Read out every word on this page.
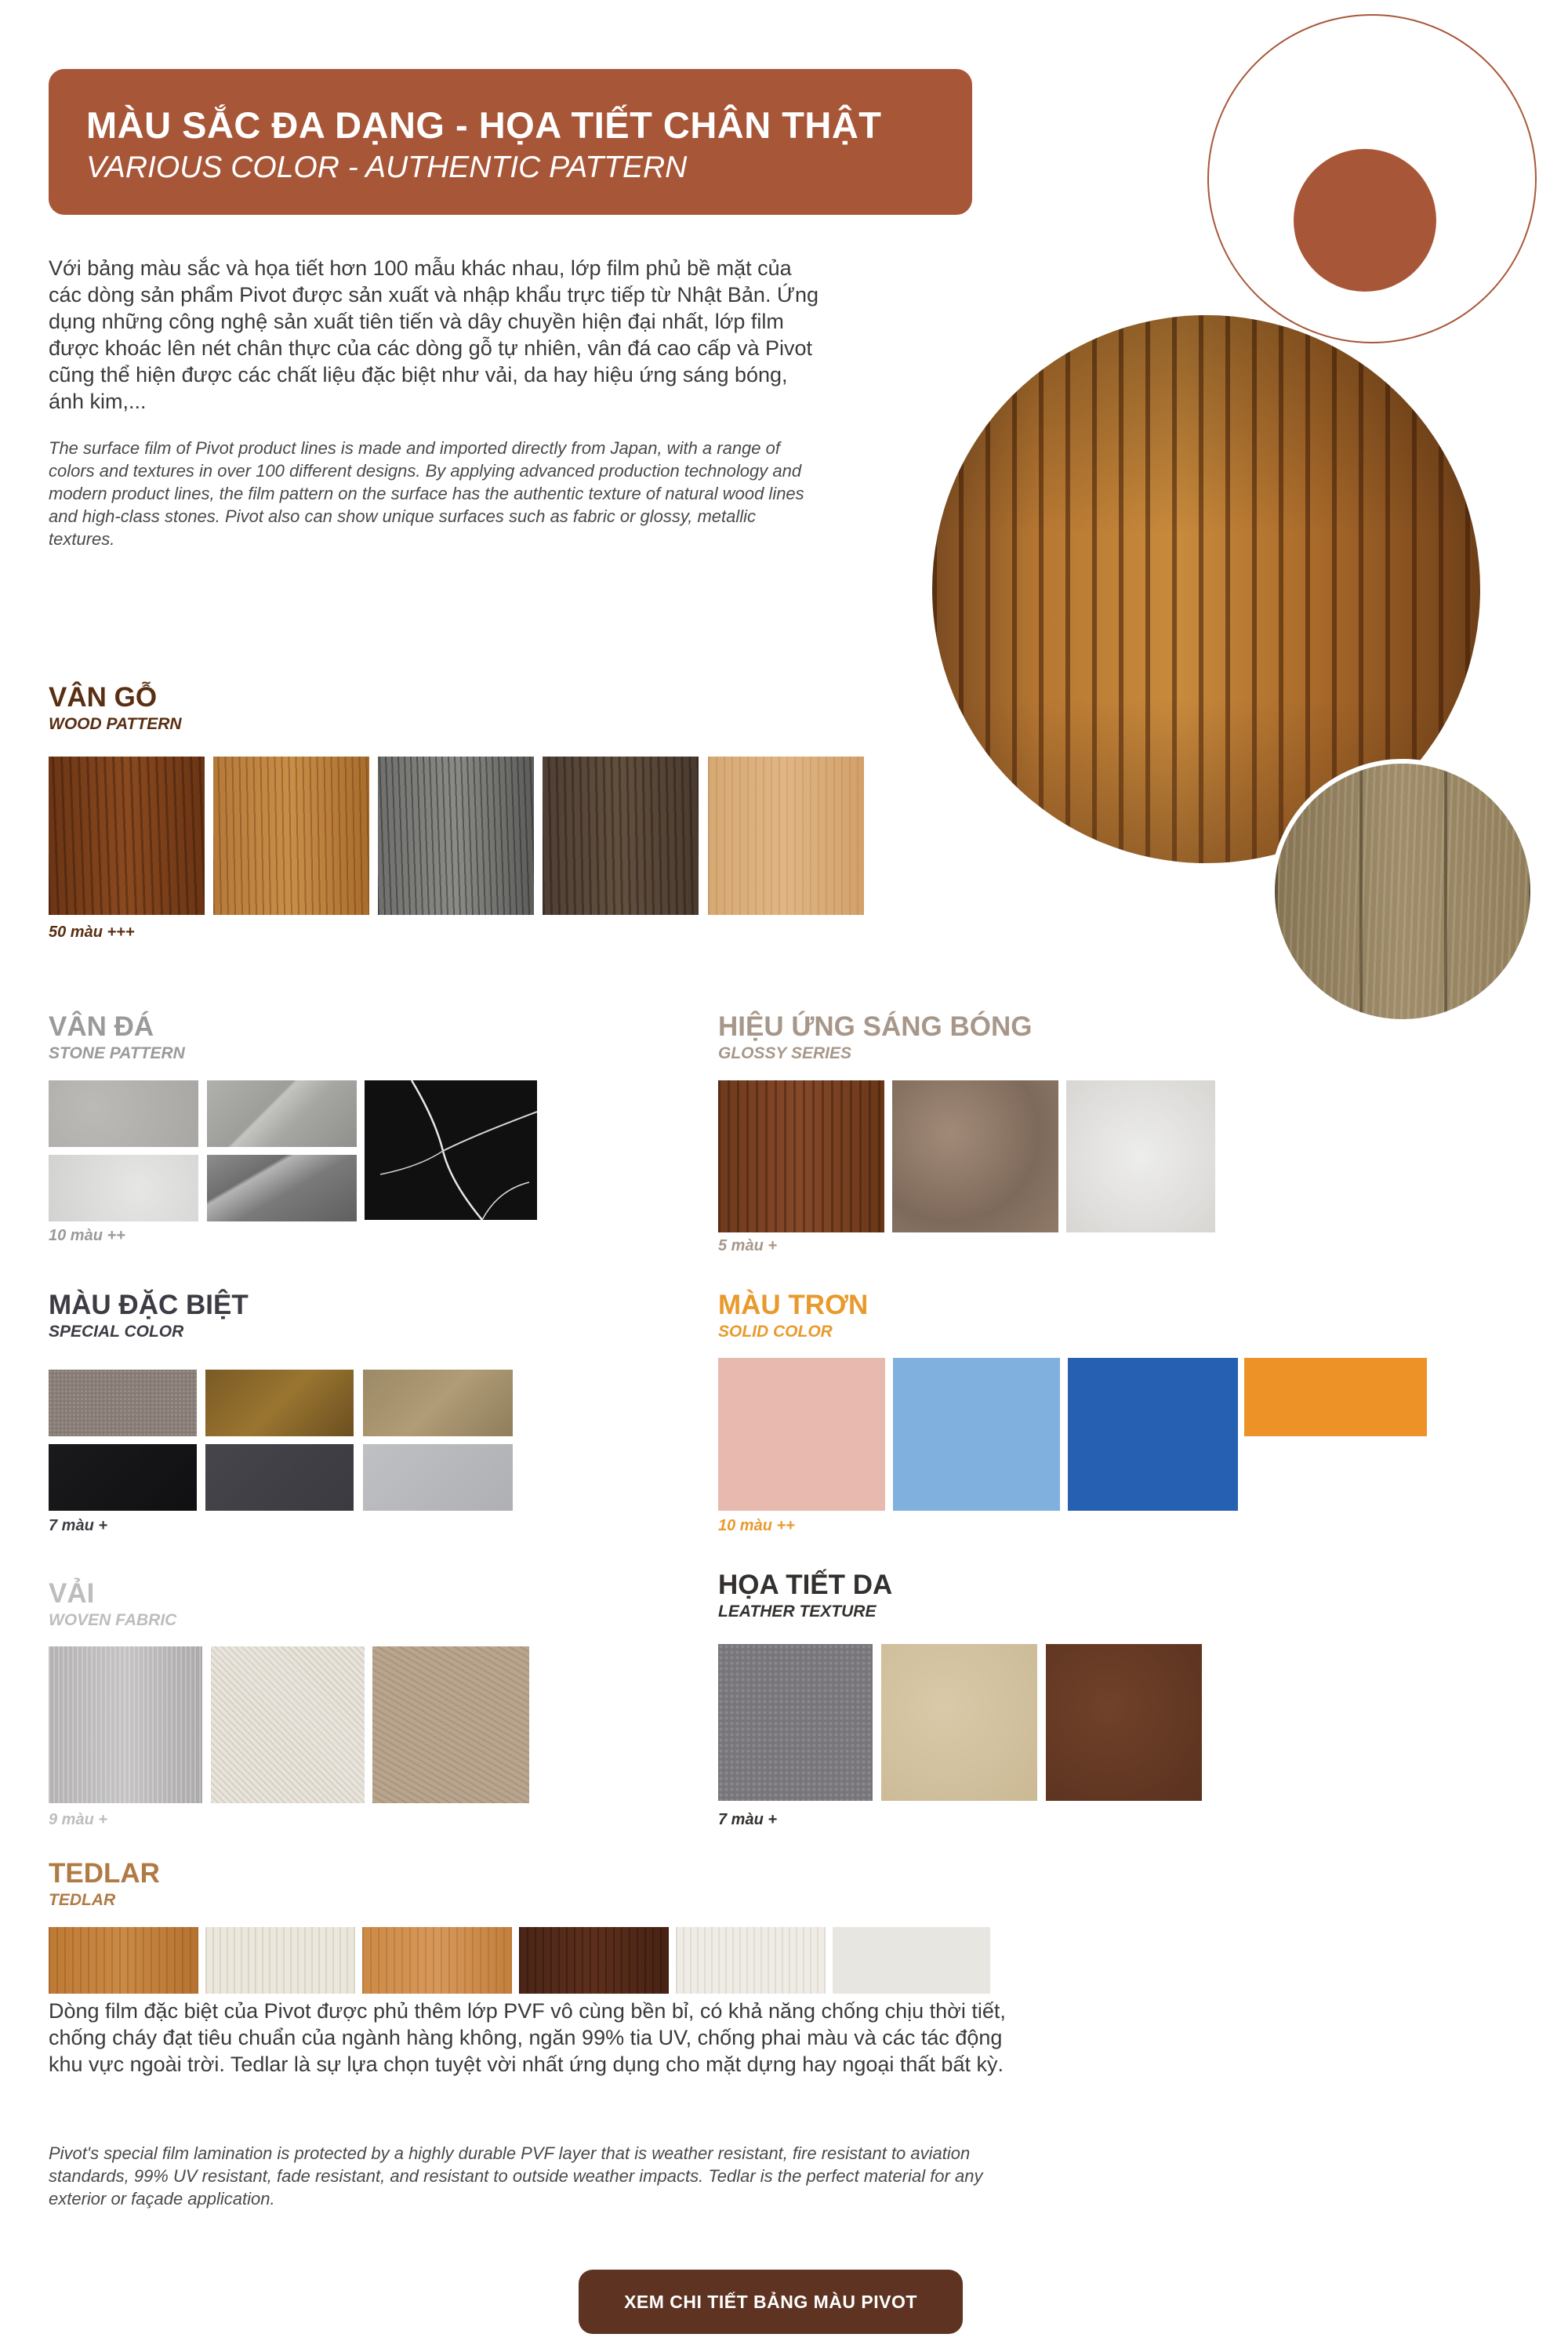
MÀU SẮC ĐA DẠNG - HỌA TIẾT CHÂN THẬT
VARIOUS COLOR - AUTHENTIC PATTERN
Với bảng màu sắc và họa tiết hơn 100 mẫu khác nhau, lớp film phủ bề mặt của các dòng sản phẩm Pivot được sản xuất và nhập khẩu trực tiếp từ Nhật Bản. Ứng dụng những công nghệ sản xuất tiên tiến và dây chuyền hiện đại nhất, lớp film được khoác lên nét chân thực của các dòng gỗ tự nhiên, vân đá cao cấp và Pivot cũng thể hiện được các chất liệu đặc biệt như vải, da hay hiệu ứng sáng bóng, ánh kim,...
The surface film of Pivot product lines is made and imported directly from Japan, with a range of colors and textures in over 100 different designs. By applying advanced production technology and modern product lines, the film pattern on the surface has the authentic texture of natural wood lines and high-class stones. Pivot also can show unique surfaces such as fabric or glossy, metallic textures.
VÂN GỖ
WOOD PATTERN
50 màu +++
VÂN ĐÁ
STONE PATTERN
10 màu ++
HIỆU ỨNG SÁNG BÓNG
GLOSSY SERIES
5 màu +
MÀU ĐẶC BIỆT
SPECIAL COLOR
7 màu +
MÀU TRƠN
SOLID COLOR
10 màu ++
VẢI
WOVEN FABRIC
9 màu +
HỌA TIẾT DA
LEATHER TEXTURE
7 màu +
TEDLAR
TEDLAR
Dòng film đặc biệt của Pivot được phủ thêm lớp PVF vô cùng bền bỉ, có khả năng chống chịu thời tiết, chống cháy đạt tiêu chuẩn của ngành hàng không, ngăn 99% tia UV, chống phai màu và các tác động khu vực ngoài trời. Tedlar là sự lựa chọn tuyệt vời nhất ứng dụng cho mặt dựng hay ngoại thất bất kỳ.
Pivot's special film lamination is protected by a highly durable PVF layer that is weather resistant, fire resistant to aviation standards, 99% UV resistant, fade resistant, and resistant to outside weather impacts. Tedlar is the perfect material for any exterior or façade application.
XEM CHI TIẾT BẢNG MÀU PIVOT
